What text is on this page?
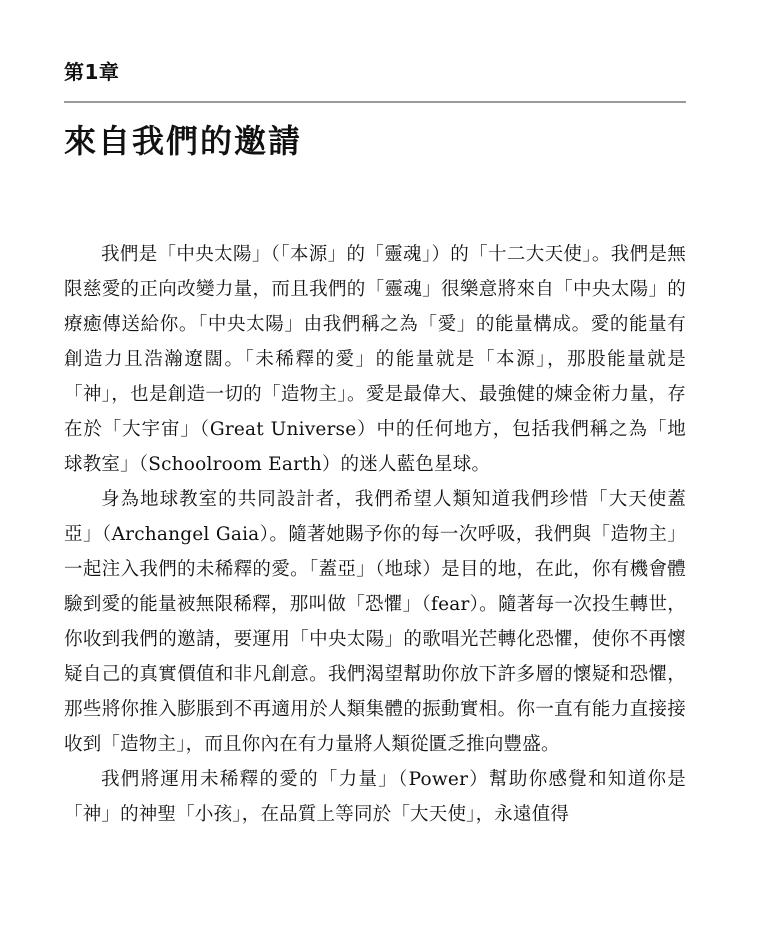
第1章
來自我們的邀請

我們是「中央太陽」（「本源」的「靈魂」）的「十二大天使」。我們是無限慈愛的正向改變力量，而且我們的「靈魂」很樂意將來自「中央太陽」的療癒傳送給你。「中央太陽」由我們稱之為「愛」的能量構成。愛的能量有創造力且浩瀚遼闊。「未稀釋的愛」的能量就是「本源」，那股能量就是「神」，也是創造一切的「造物主」。愛是最偉大、最強健的煉金術力量，存在於「大宇宙」（Great Universe）中的任何地方，包括我們稱之為「地球教室」（Schoolroom Earth）的迷人藍色星球。

身為地球教室的共同設計者，我們希望人類知道我們珍惜「大天使蓋亞」（Archangel Gaia）。隨著她賜予你的每一次呼吸，我們與「造物主」一起注入我們的未稀釋的愛。「蓋亞」（地球）是目的地，在此，你有機會體驗到愛的能量被無限稀釋，那叫做「恐懼」（fear）。隨著每一次投生轉世，你收到我們的邀請，要運用「中央太陽」的歌唱光芒轉化恐懼，使你不再懷疑自己的真實價值和非凡創意。我們渴望幫助你放下許多層的懷疑和恐懼，那些將你推入膨脹到不再適用於人類集體的振動實相。你一直有能力直接接收到「造物主」，而且你內在有力量將人類從匱乏推向豐盛。

我們將運用未稀釋的愛的「力量」（Power）幫助你感覺和知道你是「神」的神聖「小孩」，在品質上等同於「大天使」，永遠值得
